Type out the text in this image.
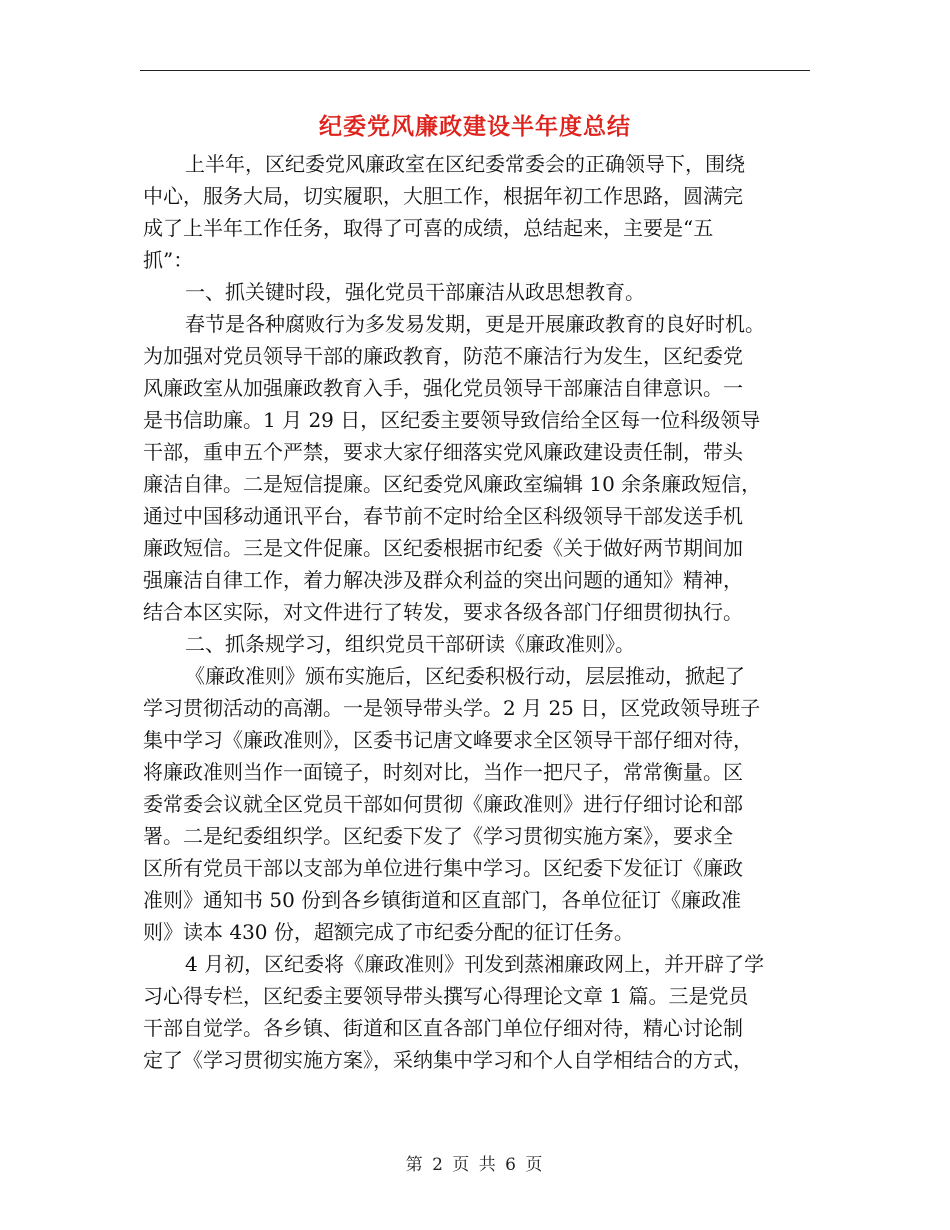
纪委党风廉政建设半年度总结
上半年，区纪委党风廉政室在区纪委常委会的正确领导下，围绕
中心，服务大局，切实履职，大胆工作，根据年初工作思路，圆满完
成了上半年工作任务，取得了可喜的成绩，总结起来，主要是“五
抓”：
一、抓关键时段，强化党员干部廉洁从政思想教育。
春节是各种腐败行为多发易发期，更是开展廉政教育的良好时机。
为加强对党员领导干部的廉政教育，防范不廉洁行为发生，区纪委党
风廉政室从加强廉政教育入手，强化党员领导干部廉洁自律意识。一
是书信助廉。1 月 29 日，区纪委主要领导致信给全区每一位科级领导
干部，重申五个严禁，要求大家仔细落实党风廉政建设责任制，带头
廉洁自律。二是短信提廉。区纪委党风廉政室编辑 10 余条廉政短信，
通过中国移动通讯平台，春节前不定时给全区科级领导干部发送手机
廉政短信。三是文件促廉。区纪委根据市纪委《关于做好两节期间加
强廉洁自律工作，着力解决涉及群众利益的突出问题的通知》精神，
结合本区实际，对文件进行了转发，要求各级各部门仔细贯彻执行。
二、抓条规学习，组织党员干部研读《廉政准则》。
《廉政准则》颁布实施后，区纪委积极行动，层层推动，掀起了
学习贯彻活动的高潮。一是领导带头学。2 月 25 日，区党政领导班子
集中学习《廉政准则》，区委书记唐文峰要求全区领导干部仔细对待，
将廉政准则当作一面镜子，时刻对比，当作一把尺子，常常衡量。区
委常委会议就全区党员干部如何贯彻《廉政准则》进行仔细讨论和部
署。二是纪委组织学。区纪委下发了《学习贯彻实施方案》，要求全
区所有党员干部以支部为单位进行集中学习。区纪委下发征订《廉政
准则》通知书 50 份到各乡镇街道和区直部门，各单位征订《廉政准
则》读本 430 份，超额完成了市纪委分配的征订任务。
4 月初，区纪委将《廉政准则》刊发到蒸湘廉政网上，并开辟了学
习心得专栏，区纪委主要领导带头撰写心得理论文章 1 篇。三是党员
干部自觉学。各乡镇、街道和区直各部门单位仔细对待，精心讨论制
定了《学习贯彻实施方案》，采纳集中学习和个人自学相结合的方式，
第 2 页 共 6 页
